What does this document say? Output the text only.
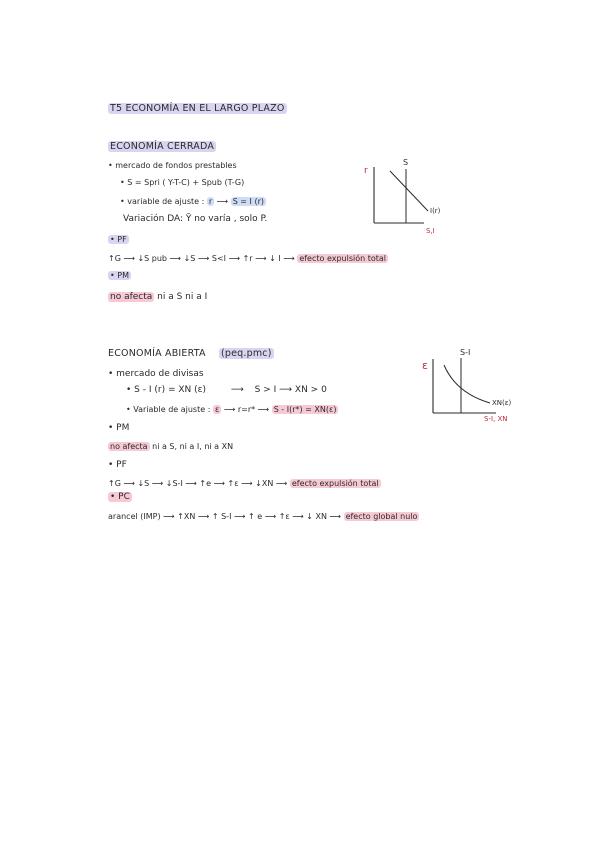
T5 ECONOMÍA EN EL LARGO PLAZO
ECONOMÍA CERRADA
• mercado de fondos prestables
• S = Spri ( Y-T-C) + Spub (T-G)
• variable de ajuste : r ⟶ S = I (r)
Variación DA: Ȳ no varía , solo P.
• PF
↑G ⟶ ↓S pub ⟶ ↓S ⟶ S<I ⟶ ↑r ⟶ ↓ I ⟶ efecto expulsión total
• PM
no afecta ni a S ni a I
r
S
I(r)
S,I
ECONOMÍA ABIERTA (peq.pmc)
• mercado de divisas
• S - I (r) = XN (ε)	⟶ S > I ⟶ XN > 0
• Variable de ajuste : ε ⟶ r=r* ⟶ S - I(r*) = XN(ε)
• PM
no afecta ni a S, ni a I, ni a XN
• PF
↑G ⟶ ↓S ⟶ ↓S-I ⟶ ↑e ⟶ ↑ε ⟶ ↓XN ⟶ efecto expulsión total
• PC
arancel (IMP) ⟶ ↑XN ⟶ ↑ S-I ⟶ ↑ e ⟶ ↑ε ⟶ ↓ XN ⟶ efecto global nulo
S-I
ε
XN(ε)
S-I, XN
